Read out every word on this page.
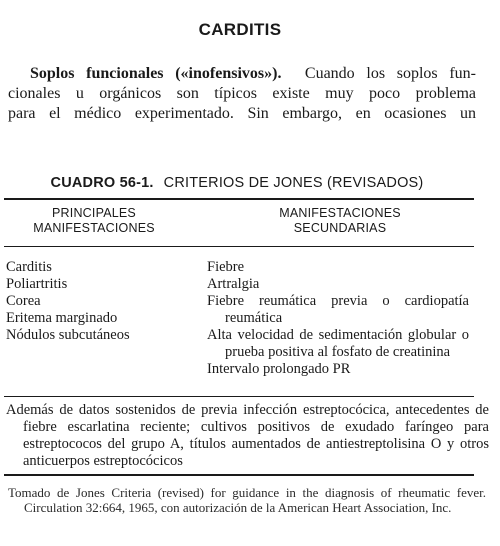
CARDITIS
Soplos funcionales («inofensivos»). Cuando los soplos fun-
cionales u orgánicos son típicos existe muy poco problema
para el médico experimentado. Sin embargo, en ocasiones un
CUADRO 56-1. CRITERIOS DE JONES (REVISADOS)
PRINCIPALES
MANIFESTACIONES
MANIFESTACIONES
SECUNDARIAS
Carditis
Poliartritis
Corea
Eritema marginado
Nódulos subcutáneos
Fiebre
Artralgia
Fiebre reumática previa o cardiopatía reumática
Alta velocidad de sedimentación globular o prueba positiva al fosfato de creatinina
Intervalo prolongado PR
Además de datos sostenidos de previa infección estreptocócica, antecedentes de fiebre escarlatina reciente; cultivos positivos de exudado faríngeo para estreptococos del grupo A, títulos aumentados de antiestreptolisina O y otros anticuerpos estreptocócicos
Tomado de Jones Criteria (revised) for guidance in the diagnosis of rheumatic fever. Circulation 32:664, 1965, con autorización de la American Heart Association, Inc.
